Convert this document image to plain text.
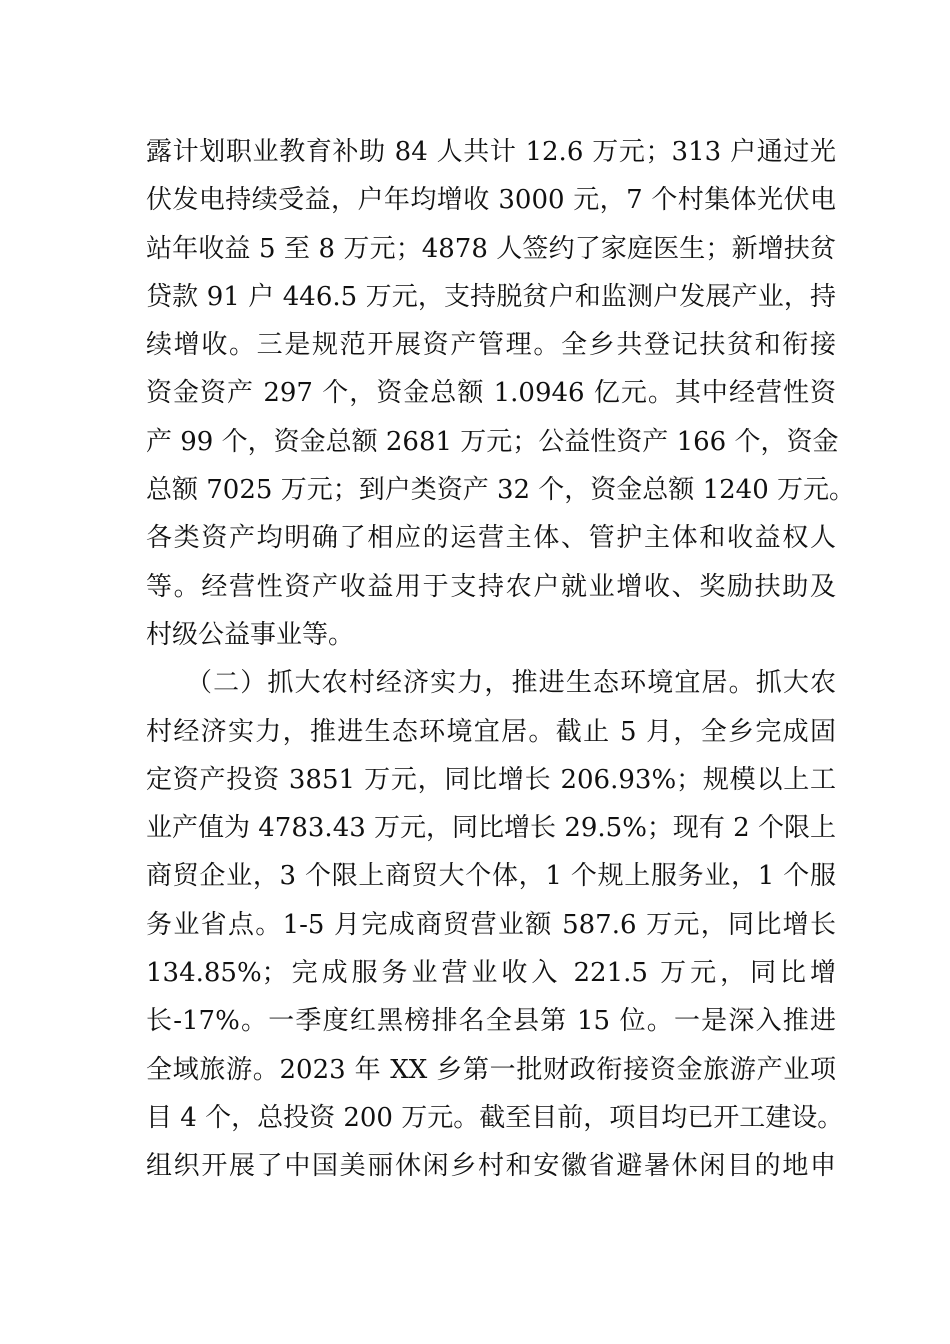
露计划职业教育补助 84 人共计 12.6 万元；313 户通过光
伏发电持续受益，户年均增收 3000 元，7 个村集体光伏电
站年收益 5 至 8 万元；4878 人签约了家庭医生；新增扶贫
贷款 91 户 446.5 万元，支持脱贫户和监测户发展产业，持
续增收。三是规范开展资产管理。全乡共登记扶贫和衔接
资金资产 297 个，资金总额 1.0946 亿元。其中经营性资
产 99 个，资金总额 2681 万元；公益性资产 166 个，资金
总额 7025 万元；到户类资产 32 个，资金总额 1240 万元。
各类资产均明确了相应的运营主体、管护主体和收益权人
等。经营性资产收益用于支持农户就业增收、奖励扶助及
村级公益事业等。
（二）抓大农村经济实力，推进生态环境宜居。抓大农
村经济实力，推进生态环境宜居。截止 5 月，全乡完成固
定资产投资 3851 万元，同比增长 206.93%；规模以上工
业产值为 4783.43 万元，同比增长 29.5%；现有 2 个限上
商贸企业，3 个限上商贸大个体，1 个规上服务业，1 个服
务业省点。1-5 月完成商贸营业额 587.6 万元，同比增长
134.85%；完成服务业营业收入 221.5 万元，同比增
长-17%。一季度红黑榜排名全县第 15 位。一是深入推进
全域旅游。2023 年 XX 乡第一批财政衔接资金旅游产业项
目 4 个，总投资 200 万元。截至目前，项目均已开工建设。
组织开展了中国美丽休闲乡村和安徽省避暑休闲目的地申
